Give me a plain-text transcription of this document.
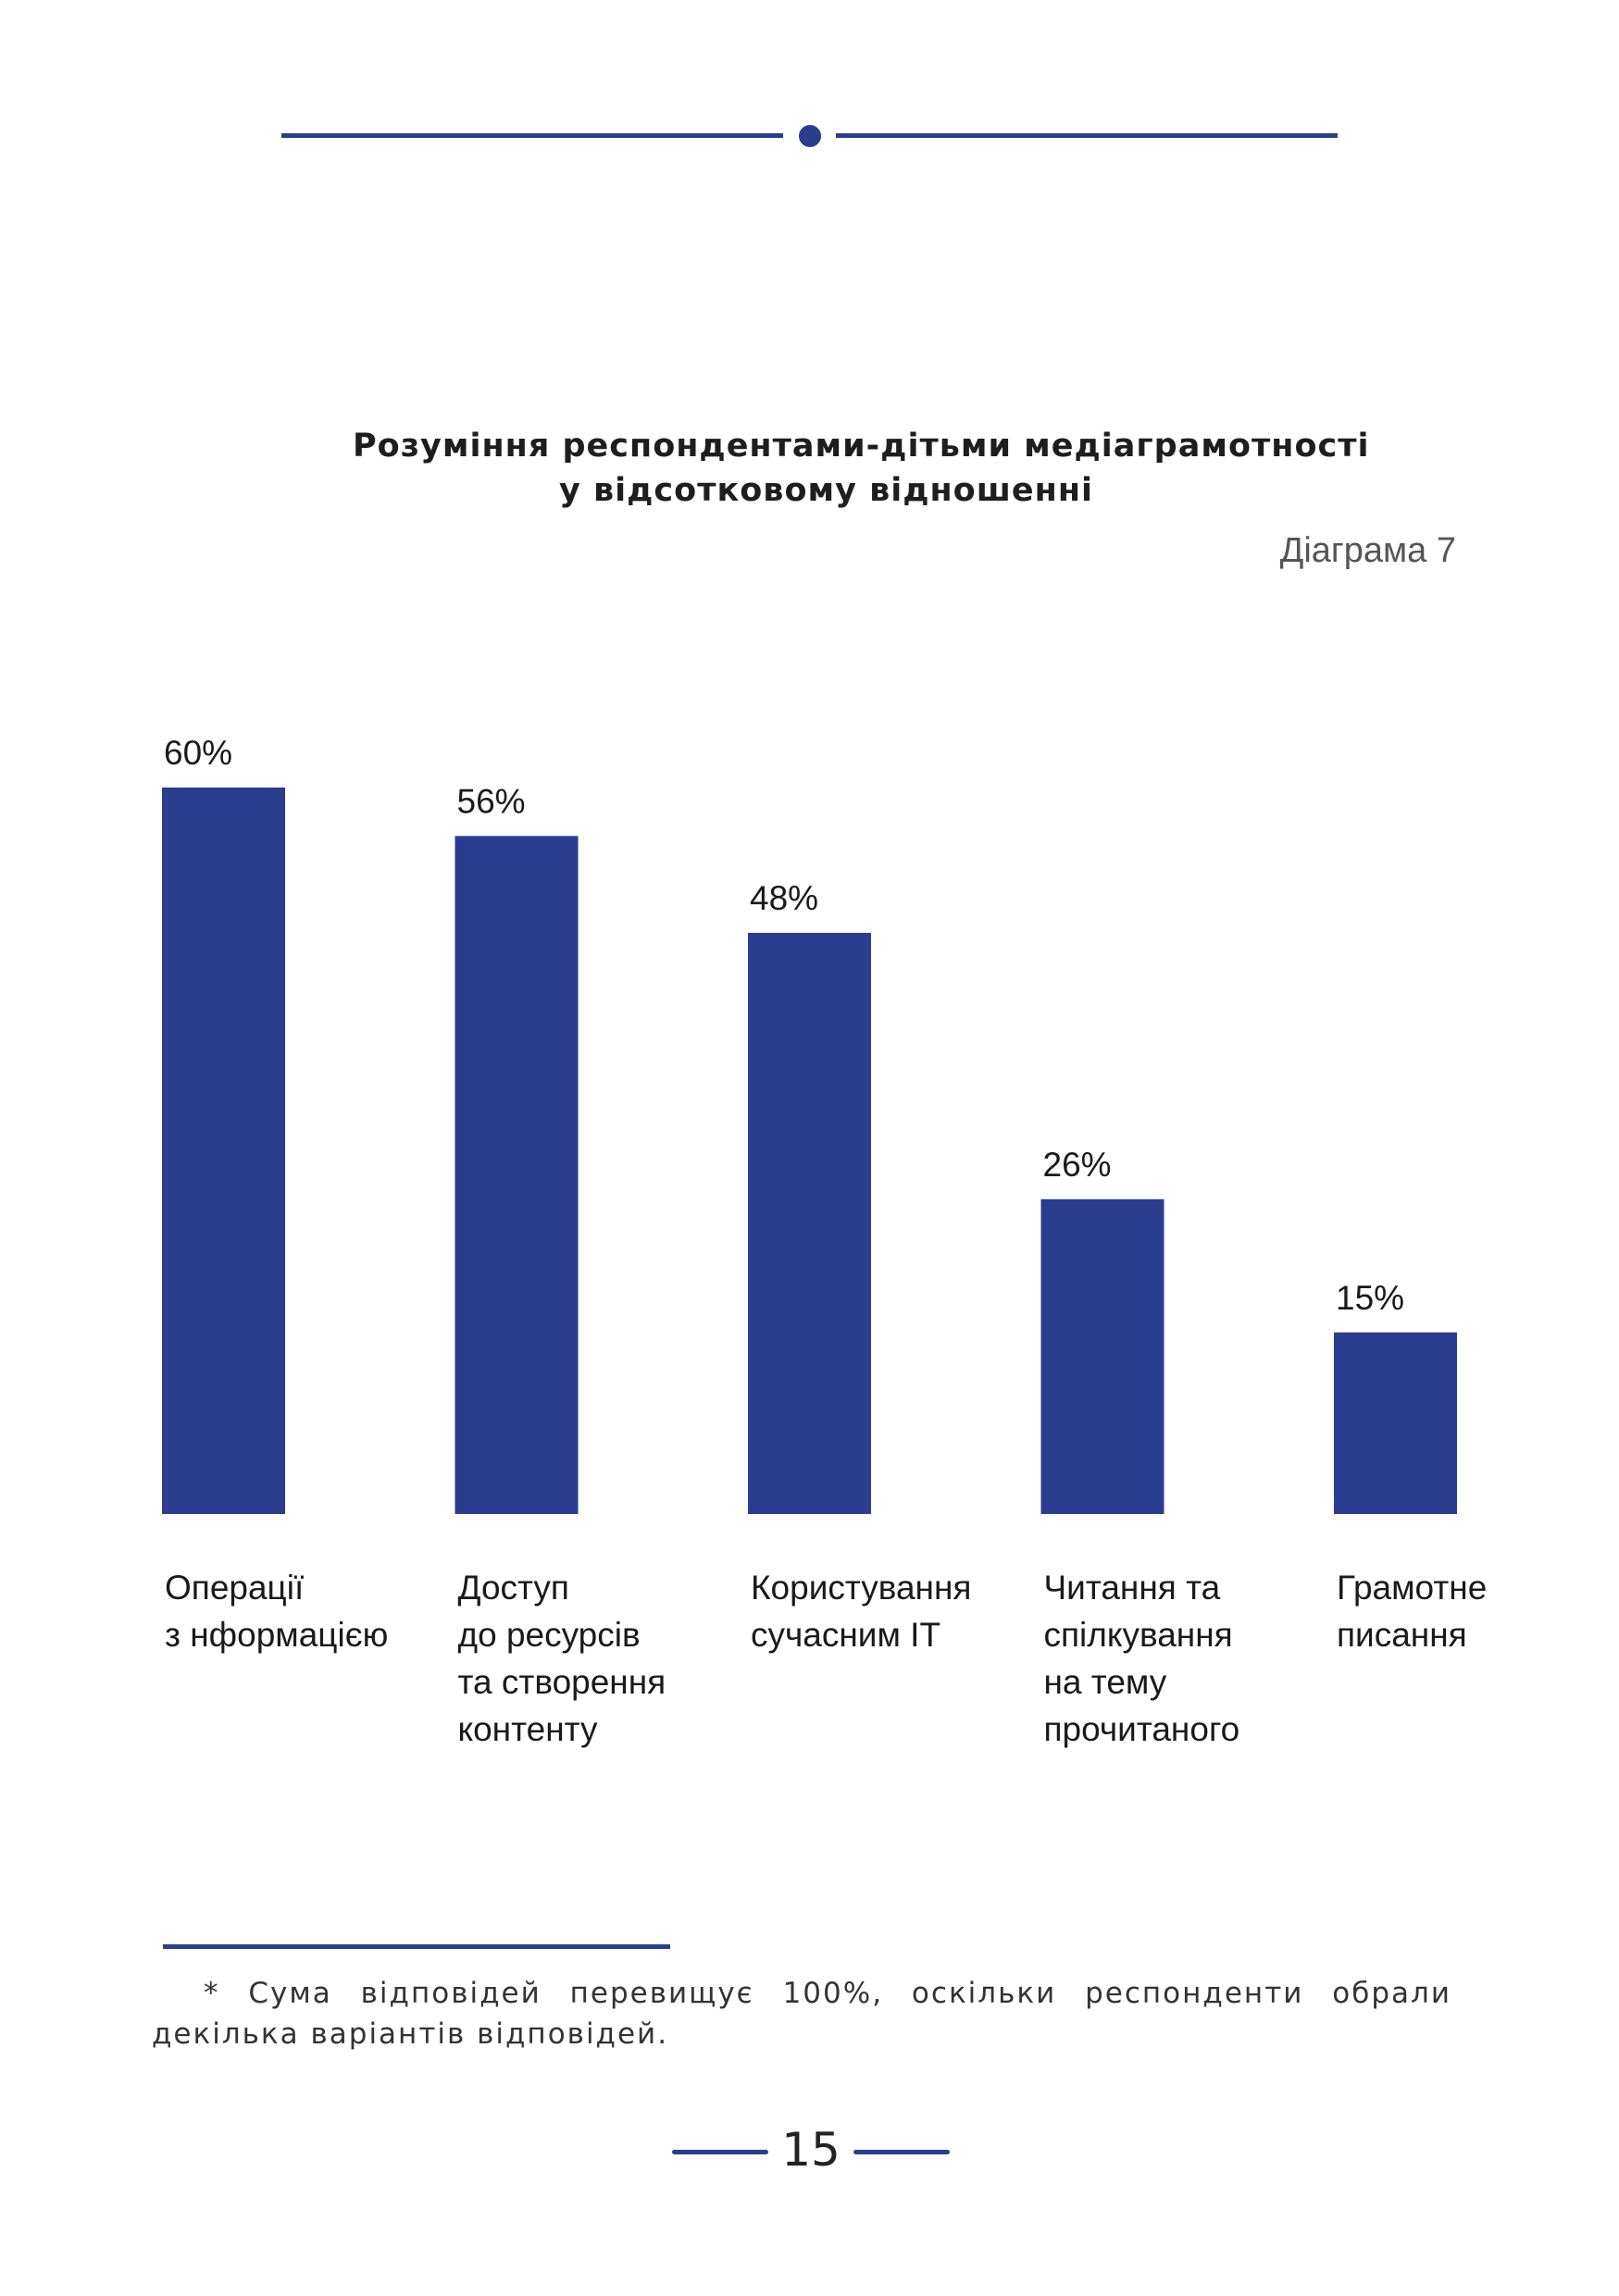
Розуміння респондентами-дітьми медіаграмотності
у відсотковому відношенні
Діаграма 7
60%
Операції з нформацією
56%
Доступ до ресурсів та створення контенту
48%
Користування сучасним ІТ
26%
Читання та спілкування на тему прочитаного
15%
Грамотне писання
* Сума відповідей перевищує 100%, оскільки респонденти обрали декілька варіантів відповідей.
15
